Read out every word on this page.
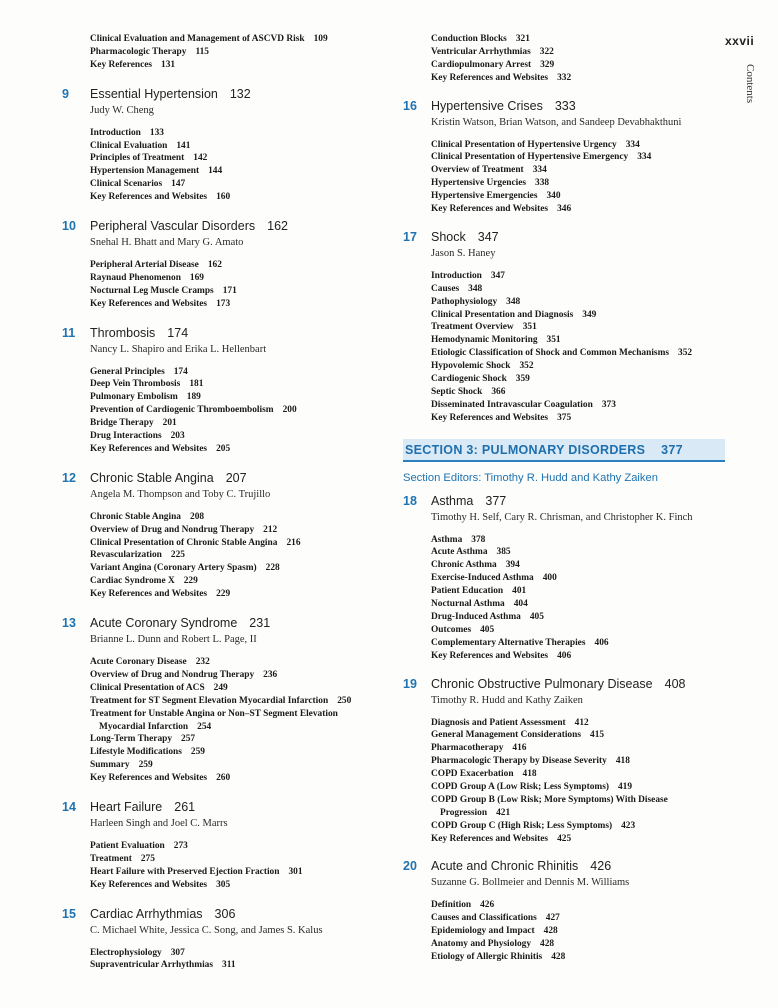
xxvii
Contents
Clinical Evaluation and Management of ASCVD Risk 109
Pharmacologic Therapy 115
Key References 131
9	Essential Hypertension 132
Judy W. Cheng
Introduction 133
Clinical Evaluation 141
Principles of Treatment 142
Hypertension Management 144
Clinical Scenarios 147
Key References and Websites 160
10	Peripheral Vascular Disorders 162
Snehal H. Bhatt and Mary G. Amato
Peripheral Arterial Disease 162
Raynaud Phenomenon 169
Nocturnal Leg Muscle Cramps 171
Key References and Websites 173
11	Thrombosis 174
Nancy L. Shapiro and Erika L. Hellenbart
General Principles 174
Deep Vein Thrombosis 181
Pulmonary Embolism 189
Prevention of Cardiogenic Thromboembolism 200
Bridge Therapy 201
Drug Interactions 203
Key References and Websites 205
12	Chronic Stable Angina 207
Angela M. Thompson and Toby C. Trujillo
Chronic Stable Angina 208
Overview of Drug and Nondrug Therapy 212
Clinical Presentation of Chronic Stable Angina 216
Revascularization 225
Variant Angina (Coronary Artery Spasm) 228
Cardiac Syndrome X 229
Key References and Websites 229
13	Acute Coronary Syndrome 231
Brianne L. Dunn and Robert L. Page, II
Acute Coronary Disease 232
Overview of Drug and Nondrug Therapy 236
Clinical Presentation of ACS 249
Treatment for ST Segment Elevation Myocardial Infarction 250
Treatment for Unstable Angina or Non–ST Segment Elevation
Myocardial Infarction 254
Long-Term Therapy 257
Lifestyle Modifications 259
Summary 259
Key References and Websites 260
14	Heart Failure 261
Harleen Singh and Joel C. Marrs
Patient Evaluation 273
Treatment 275
Heart Failure with Preserved Ejection Fraction 301
Key References and Websites 305
15	Cardiac Arrhythmias 306
C. Michael White, Jessica C. Song, and James S. Kalus
Electrophysiology 307
Supraventricular Arrhythmias 311
Conduction Blocks 321
Ventricular Arrhythmias 322
Cardiopulmonary Arrest 329
Key References and Websites 332
16	Hypertensive Crises 333
Kristin Watson, Brian Watson, and Sandeep Devabhakthuni
Clinical Presentation of Hypertensive Urgency 334
Clinical Presentation of Hypertensive Emergency 334
Overview of Treatment 334
Hypertensive Urgencies 338
Hypertensive Emergencies 340
Key References and Websites 346
17	Shock 347
Jason S. Haney
Introduction 347
Causes 348
Pathophysiology 348
Clinical Presentation and Diagnosis 349
Treatment Overview 351
Hemodynamic Monitoring 351
Etiologic Classification of Shock and Common Mechanisms 352
Hypovolemic Shock 352
Cardiogenic Shock 359
Septic Shock 366
Disseminated Intravascular Coagulation 373
Key References and Websites 375
SECTION 3: PULMONARY DISORDERS 377
Section Editors: Timothy R. Hudd and Kathy Zaiken
18	Asthma 377
Timothy H. Self, Cary R. Chrisman, and Christopher K. Finch
Asthma 378
Acute Asthma 385
Chronic Asthma 394
Exercise-Induced Asthma 400
Patient Education 401
Nocturnal Asthma 404
Drug-Induced Asthma 405
Outcomes 405
Complementary Alternative Therapies 406
Key References and Websites 406
19	Chronic Obstructive Pulmonary Disease 408
Timothy R. Hudd and Kathy Zaiken
Diagnosis and Patient Assessment 412
General Management Considerations 415
Pharmacotherapy 416
Pharmacologic Therapy by Disease Severity 418
COPD Exacerbation 418
COPD Group A (Low Risk; Less Symptoms) 419
COPD Group B (Low Risk; More Symptoms) With Disease
Progression 421
COPD Group C (High Risk; Less Symptoms) 423
Key References and Websites 425
20	Acute and Chronic Rhinitis 426
Suzanne G. Bollmeier and Dennis M. Williams
Definition 426
Causes and Classifications 427
Epidemiology and Impact 428
Anatomy and Physiology 428
Etiology of Allergic Rhinitis 428
